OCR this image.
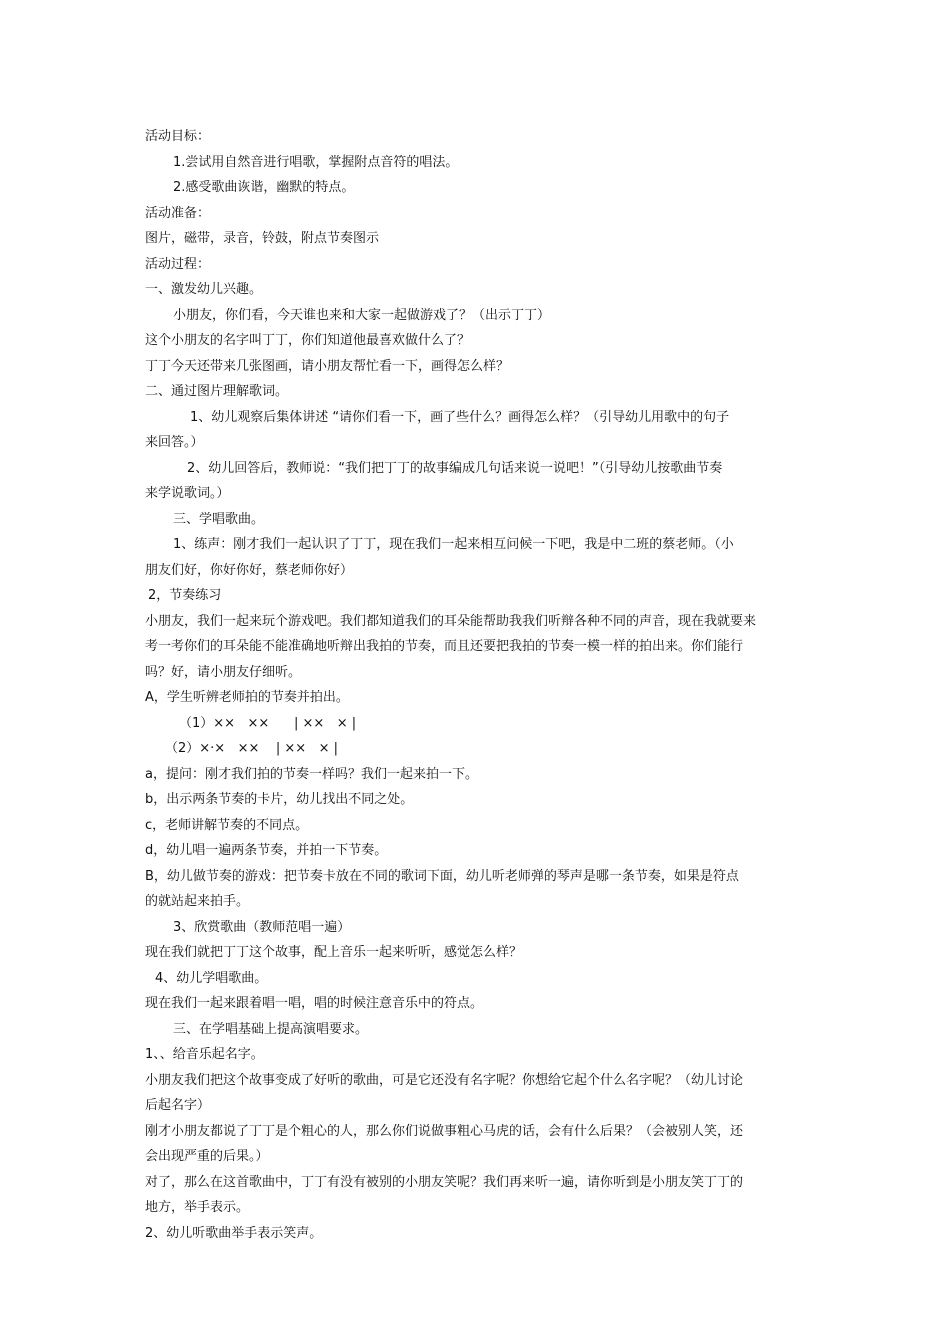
活动目标：
1.尝试用自然音进行唱歌，掌握附点音符的唱法。
2.感受歌曲诙谐，幽默的特点。
活动准备：
图片，磁带，录音，铃鼓，附点节奏图示
活动过程：
一、激发幼儿兴趣。
小朋友，你们看，今天谁也来和大家一起做游戏了？（出示丁丁）
这个小朋友的名字叫丁丁，你们知道他最喜欢做什么了？
丁丁今天还带来几张图画，请小朋友帮忙看一下，画得怎么样？
二、通过图片理解歌词。
1、幼儿观察后集体讲述 “请你们看一下，画了些什么？画得怎么样？（引导幼儿用歌中的句子
来回答。）
2、幼儿回答后，教师说：“我们把丁丁的故事编成几句话来说一说吧！”（引导幼儿按歌曲节奏
来学说歌词。）
三、学唱歌曲。
1、练声：刚才我们一起认识了丁丁，现在我们一起来相互问候一下吧，我是中二班的蔡老师。（小
朋友们好，你好你好，蔡老师你好）
2，节奏练习
小朋友，我们一起来玩个游戏吧。我们都知道我们的耳朵能帮助我我们听辩各种不同的声音，现在我就要来
考一考你们的耳朵能不能准确地听辩出我拍的节奏，而且还要把我拍的节奏一模一样的拍出来。你们能行
吗？好，请小朋友仔细听。
A，学生听辨老师拍的节奏并拍出。
（1）××   ××      | ××   × |
（2）×·×   ××    | ××   × |
a，提问：刚才我们拍的节奏一样吗？我们一起来拍一下。
b，出示两条节奏的卡片，幼儿找出不同之处。
c，老师讲解节奏的不同点。
d，幼儿唱一遍两条节奏，并拍一下节奏。
B，幼儿做节奏的游戏：把节奏卡放在不同的歌词下面，幼儿听老师弹的琴声是哪一条节奏，如果是符点
的就站起来拍手。
3、欣赏歌曲（教师范唱一遍）
现在我们就把丁丁这个故事，配上音乐一起来听听，感觉怎么样？
4、幼儿学唱歌曲。
现在我们一起来跟着唱一唱，唱的时候注意音乐中的符点。
三、在学唱基础上提高演唱要求。
1、、给音乐起名字。
小朋友我们把这个故事变成了好听的歌曲，可是它还没有名字呢？你想给它起个什么名字呢？（幼儿讨论
后起名字）
刚才小朋友都说了丁丁是个粗心的人，那么你们说做事粗心马虎的话，会有什么后果？（会被别人笑，还
会出现严重的后果。）
对了，那么在这首歌曲中，丁丁有没有被别的小朋友笑呢？我们再来听一遍，请你听到是小朋友笑丁丁的
地方，举手表示。
2、幼儿听歌曲举手表示笑声。
